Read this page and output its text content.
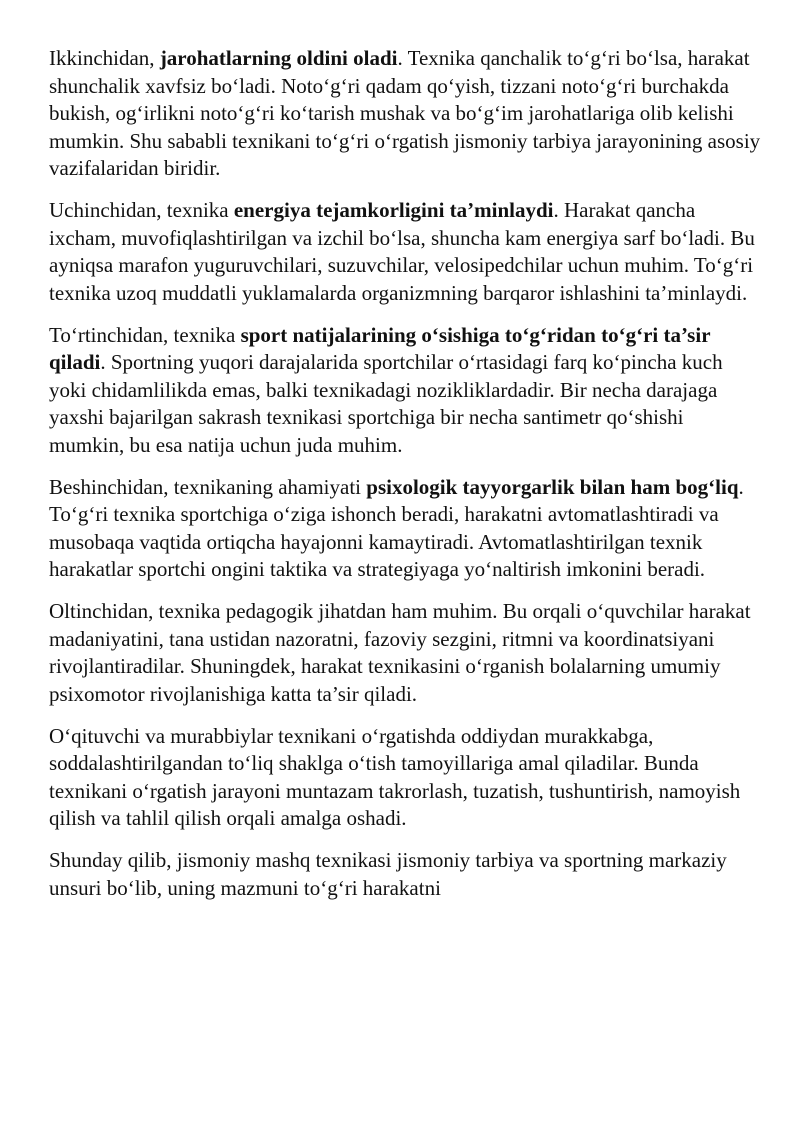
Ikkinchidan, jarohatlarning oldini oladi. Texnika qanchalik to‘g‘ri bo‘lsa, harakat shunchalik xavfsiz bo‘ladi. Noto‘g‘ri qadam qo‘yish, tizzani noto‘g‘ri burchakda bukish, og‘irlikni noto‘g‘ri ko‘tarish mushak va bo‘g‘im jarohatlariga olib kelishi mumkin. Shu sababli texnikani to‘g‘ri o‘rgatish jismoniy tarbiya jarayonining asosiy vazifalaridan biridir.

Uchinchidan, texnika energiya tejamkorligini ta’minlaydi. Harakat qancha ixcham, muvofiqlashtirilgan va izchil bo‘lsa, shuncha kam energiya sarf bo‘ladi. Bu ayniqsa marafon yuguruvchilari, suzuvchilar, velosipedchilar uchun muhim. To‘g‘ri texnika uzoq muddatli yuklamalarda organizmning barqaror ishlashini ta’minlaydi.

To‘rtinchidan, texnika sport natijalarining o‘sishiga to‘g‘ridan to‘g‘ri ta’sir qiladi. Sportning yuqori darajalarida sportchilar o‘rtasidagi farq ko‘pincha kuch yoki chidamlilikda emas, balki texnikadagi nozikliklardadir. Bir necha darajaga yaxshi bajarilgan sakrash texnikasi sportchiga bir necha santimetr qo‘shishi mumkin, bu esa natija uchun juda muhim.

Beshinchidan, texnikaning ahamiyati psixologik tayyorgarlik bilan ham bog‘liq. To‘g‘ri texnika sportchiga o‘ziga ishonch beradi, harakatni avtomatlashtiradi va musobaqa vaqtida ortiqcha hayajonni kamaytiradi. Avtomatlashtirilgan texnik harakatlar sportchi ongini taktika va strategiyaga yo‘naltirish imkonini beradi.

Oltinchidan, texnika pedagogik jihatdan ham muhim. Bu orqali o‘quvchilar harakat madaniyatini, tana ustidan nazoratni, fazoviy sezgini, ritmni va koordinatsiyani rivojlantiradilar. Shuningdek, harakat texnikasini o‘rganish bolalarning umumiy psixomotor rivojlanishiga katta ta’sir qiladi.

O‘qituvchi va murabbiylar texnikani o‘rgatishda oddiydan murakkabga, soddalashtirilgandan to‘liq shaklga o‘tish tamoyillariga amal qiladilar. Bunda texnikani o‘rgatish jarayoni muntazam takrorlash, tuzatish, tushuntirish, namoyish qilish va tahlil qilish orqali amalga oshadi.

Shunday qilib, jismoniy mashq texnikasi jismoniy tarbiya va sportning markaziy unsuri bo‘lib, uning mazmuni to‘g‘ri harakatni
